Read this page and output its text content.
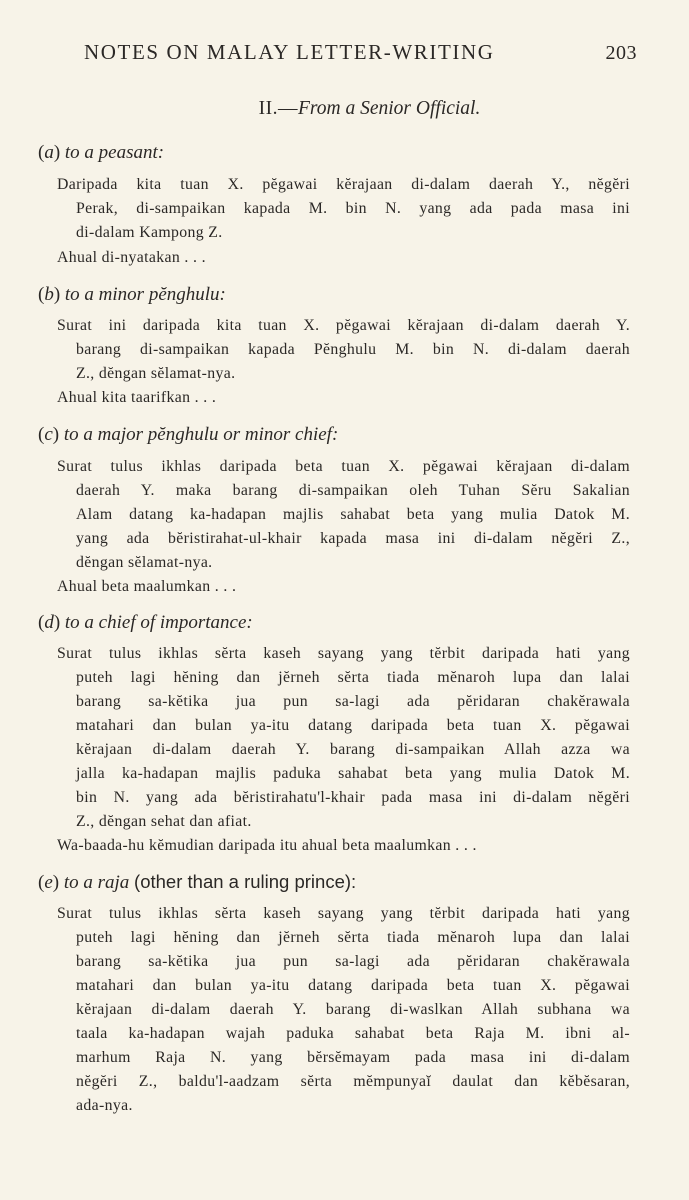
NOTES ON MALAY LETTER-WRITING	203
II.—From a Senior Official.
(a) to a peasant:
Daripada kita tuan X. pĕgawai kĕrajaan di-dalam daerah Y., nĕgĕri
Perak, di-sampaikan kapada M. bin N. yang ada pada masa ini
di-dalam Kampong Z.
Ahual di-nyatakan . . .
(b) to a minor pĕnghulu:
Surat ini daripada kita tuan X. pĕgawai kĕrajaan di-dalam daerah Y.
barang di-sampaikan kapada Pĕnghulu M. bin N. di-dalam daerah
Z., dĕngan sĕlamat-nya.
Ahual kita taarifkan . . .
(c) to a major pĕnghulu or minor chief:
Surat tulus ikhlas daripada beta tuan X. pĕgawai kĕrajaan di-dalam
daerah Y. maka barang di-sampaikan oleh Tuhan Sĕru Sakalian
Alam datang ka-hadapan majlis sahabat beta yang mulia Datok M.
yang ada bĕristirahat-ul-khair kapada masa ini di-dalam nĕgĕri Z.,
dĕngan sĕlamat-nya.
Ahual beta maalumkan . . .
(d) to a chief of importance:
Surat tulus ikhlas sĕrta kaseh sayang yang tĕrbit daripada hati yang
puteh lagi hĕning dan jĕrneh sĕrta tiada mĕnaroh lupa dan lalai
barang sa-kĕtika jua pun sa-lagi ada pĕridaran chakĕrawala
matahari dan bulan ya-itu datang daripada beta tuan X. pĕgawai
kĕrajaan di-dalam daerah Y. barang di-sampaikan Allah azza wa
jalla ka-hadapan majlis paduka sahabat beta yang mulia Datok M.
bin N. yang ada bĕristirahatu'l-khair pada masa ini di-dalam nĕgĕri
Z., dĕngan sehat dan afiat.
Wa-baada-hu kĕmudian daripada itu ahual beta maalumkan . . .
(e) to a raja (other than a ruling prince):
Surat tulus ikhlas sĕrta kaseh sayang yang tĕrbit daripada hati yang
puteh lagi hĕning dan jĕrneh sĕrta tiada mĕnaroh lupa dan lalai
barang sa-kĕtika jua pun sa-lagi ada pĕridaran chakĕrawala
matahari dan bulan ya-itu datang daripada beta tuan X. pĕgawai
kĕrajaan di-dalam daerah Y. barang di-waslkan Allah subhana wa
taala ka-hadapan wajah paduka sahabat beta Raja M. ibni al-
marhum Raja N. yang bĕrsĕmayam pada masa ini di-dalam
nĕgĕri Z., baldu'l-aadzam sĕrta mĕmpunyaĭ daulat dan kĕbĕsaran,
ada-nya.
